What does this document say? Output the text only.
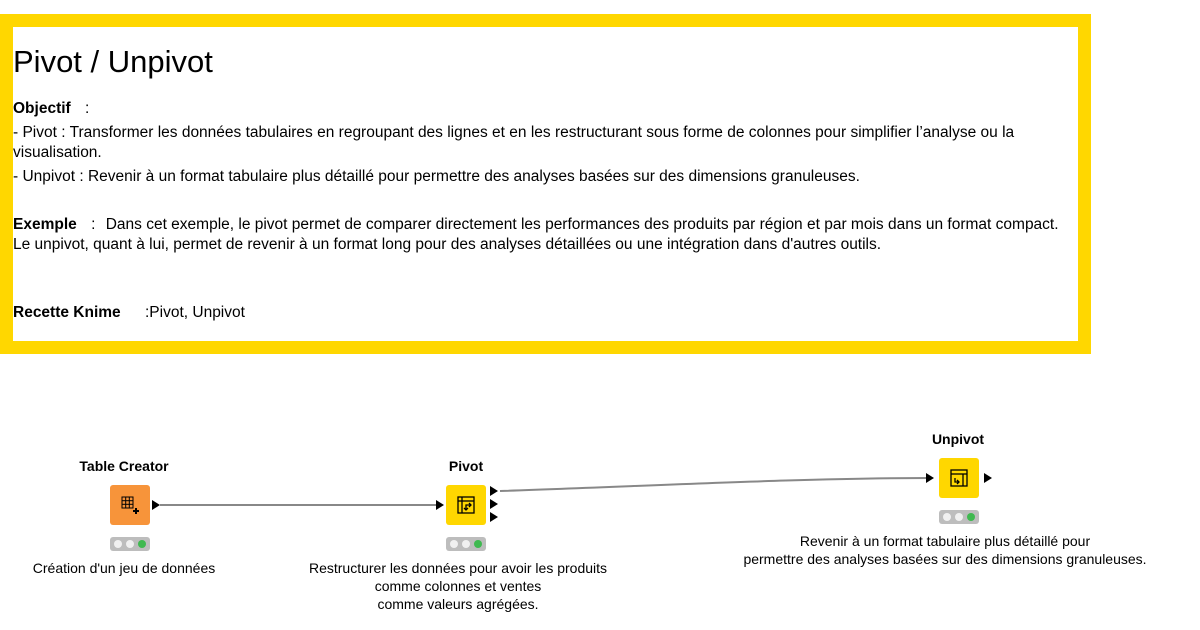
Pivot / Unpivot
Objectif :
- Pivot : Transformer les données tabulaires en regroupant des lignes et en les restructurant sous forme de colonnes pour simplifier l’analyse ou la visualisation.
- Unpivot : Revenir à un format tabulaire plus détaillé pour permettre des analyses basées sur des dimensions granuleuses.
Exemple : Dans cet exemple, le pivot permet de comparer directement les performances des produits par région et par mois dans un format compact. Le unpivot, quant à lui, permet de revenir à un format long pour des analyses détaillées ou une intégration dans d'autres outils.
Recette Knime :Pivot, Unpivot
Table Creator
Création d'un jeu de données
Pivot
Restructurer les données pour avoir les produits
comme colonnes et ventes
comme valeurs agrégées.
Unpivot
Revenir à un format tabulaire plus détaillé pour
permettre des analyses basées sur des dimensions granuleuses.
